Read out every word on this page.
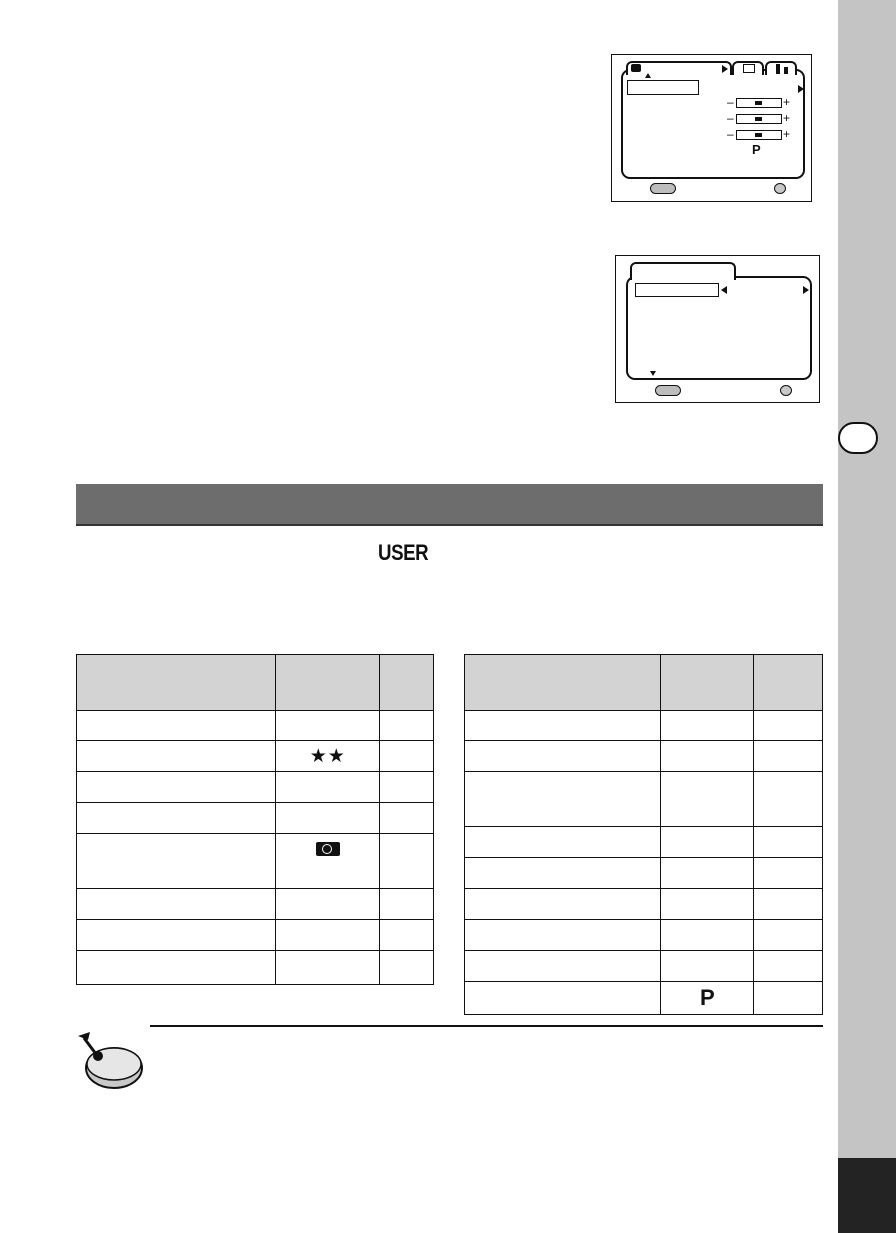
–	+
–	+
–	+
P
USER

	★★	

	P	
